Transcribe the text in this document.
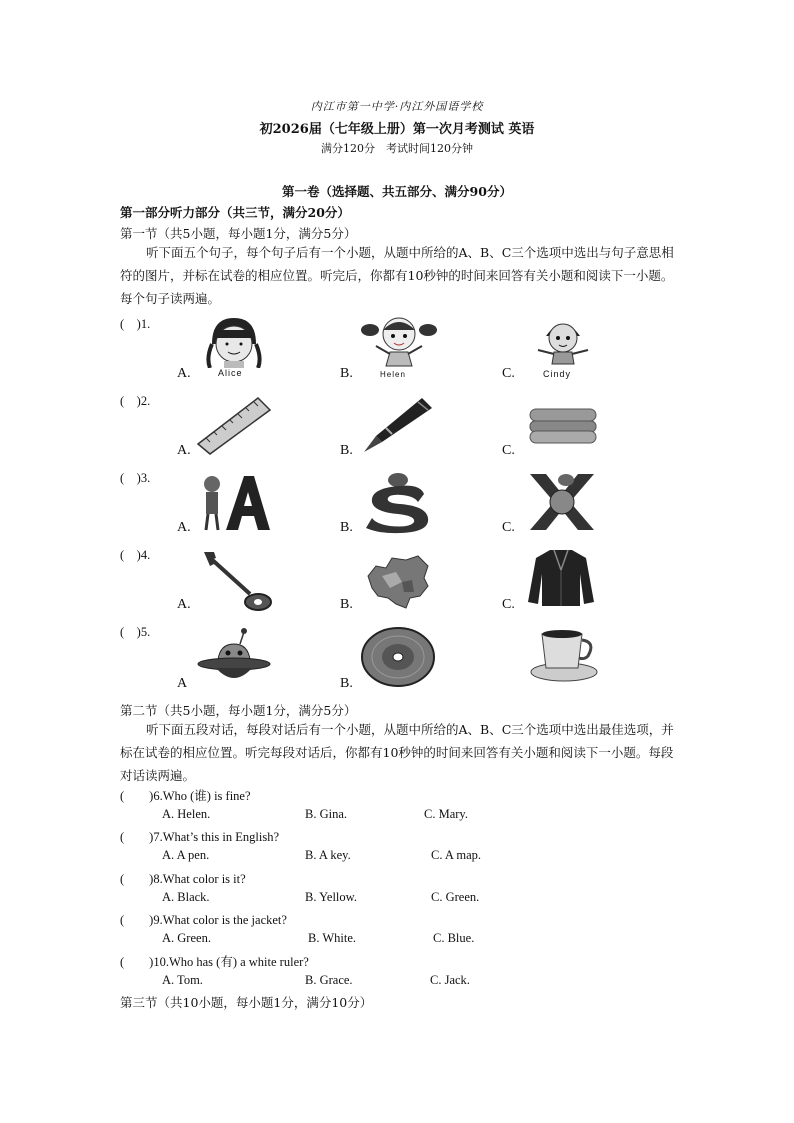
内江市第一中学·内江外国语学校
初2026届（七年级上册）第一次月考测试 英语
满分120分　考试时间120分钟
第一卷（选择题、共五部分、满分90分）
第一部分听力部分（共三节，满分20分）
第一节（共5小题，每小题1分，满分5分）
听下面五个句子，每个句子后有一个小题，从题中所给的A、B、C三个选项中选出与句子意思相符的图片，并标在试卷的相应位置。听完后，你都有10秒钟的时间来回答有关小题和阅读下一小题。每个句子读两遍。
(　)1.
A.	B.	C.
Alice	Helen	Cindy
(　)2.
A.	B.	C.
(　)3.
A.	B.	C.
(　)4.
A.	B.	C.
(　)5.
A	B.
第二节（共5小题，每小题1分，满分5分）
听下面五段对话，每段对话后有一个小题，从题中所给的A、B、C三个选项中选出最佳选项，并标在试卷的相应位置。听完每段对话后，你都有10秒钟的时间来回答有关小题和阅读下一小题。每段对话读两遍。
(　　)6.Who (谁) is fine?
A. Helen.	B. Gina.	C. Mary.
(　　)7.What’s this in English?
A. A pen.	B. A key.	C. A map.
(　　)8.What color is it?
A. Black.	B. Yellow.	C. Green.
(　　)9.What color is the jacket?
A. Green.	B. White.	C. Blue.
(　　)10.Who has (有) a white ruler?
A. Tom.	B. Grace.	C. Jack.
第三节（共10小题，每小题1分，满分10分）
